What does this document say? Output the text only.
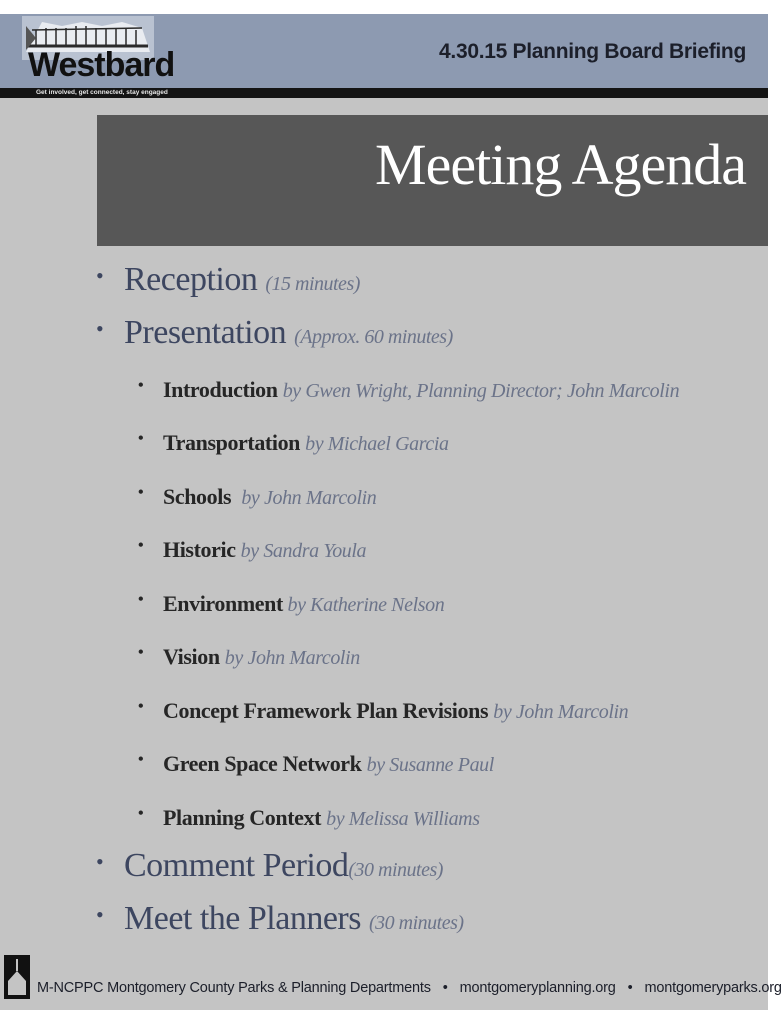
Westbard
Get involved, get connected, stay engaged
4.30.15 Planning Board Briefing
Meeting Agenda
• Reception (15 minutes)
• Presentation (Approx. 60 minutes)
• Introduction by Gwen Wright, Planning Director; John Marcolin
• Transportation by Michael Garcia
• Schools  by John Marcolin
• Historic by Sandra Youla
• Environment by Katherine Nelson
• Vision by John Marcolin
• Concept Framework Plan Revisions by John Marcolin
• Green Space Network by Susanne Paul
• Planning Context by Melissa Williams
• Comment Period(30 minutes)
• Meet the Planners (30 minutes)
M-NCPPC Montgomery County Parks & Planning Departments • montgomeryplanning.org • montgomeryparks.org
